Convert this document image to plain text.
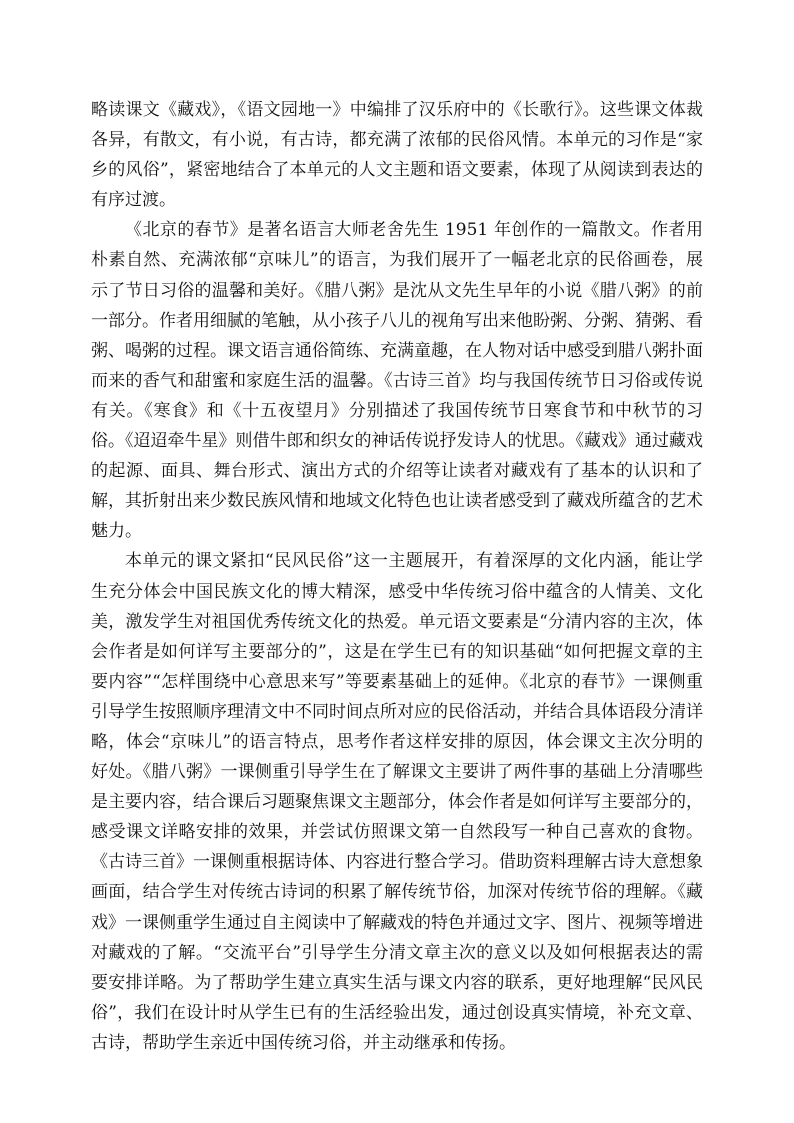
略读课文《藏戏》，《语文园地一》中编排了汉乐府中的《长歌行》。这些课文体裁各异，有散文，有小说，有古诗，都充满了浓郁的民俗风情。本单元的习作是“家乡的风俗”，紧密地结合了本单元的人文主题和语文要素，体现了从阅读到表达的有序过渡。

《北京的春节》是著名语言大师老舍先生 1951 年创作的一篇散文。作者用朴素自然、充满浓郁“京味儿”的语言，为我们展开了一幅老北京的民俗画卷，展示了节日习俗的温馨和美好。《腊八粥》是沈从文先生早年的小说《腊八粥》的前一部分。作者用细腻的笔触，从小孩子八儿的视角写出来他盼粥、分粥、猜粥、看粥、喝粥的过程。课文语言通俗简练、充满童趣，在人物对话中感受到腊八粥扑面而来的香气和甜蜜和家庭生活的温馨。《古诗三首》均与我国传统节日习俗或传说有关。《寒食》和《十五夜望月》分别描述了我国传统节日寒食节和中秋节的习俗。《迢迢牵牛星》则借牛郎和织女的神话传说抒发诗人的忧思。《藏戏》通过藏戏的起源、面具、舞台形式、演出方式的介绍等让读者对藏戏有了基本的认识和了解，其折射出来少数民族风情和地域文化特色也让读者感受到了藏戏所蕴含的艺术魅力。

本单元的课文紧扣“民风民俗”这一主题展开，有着深厚的文化内涵，能让学生充分体会中国民族文化的博大精深，感受中华传统习俗中蕴含的人情美、文化美，激发学生对祖国优秀传统文化的热爱。单元语文要素是“分清内容的主次，体会作者是如何详写主要部分的”，这是在学生已有的知识基础“如何把握文章的主要内容”“怎样围绕中心意思来写”等要素基础上的延伸。《北京的春节》一课侧重引导学生按照顺序理清文中不同时间点所对应的民俗活动，并结合具体语段分清详略，体会“京味儿”的语言特点，思考作者这样安排的原因，体会课文主次分明的好处。《腊八粥》一课侧重引导学生在了解课文主要讲了两件事的基础上分清哪些是主要内容，结合课后习题聚焦课文主题部分，体会作者是如何详写主要部分的，感受课文详略安排的效果，并尝试仿照课文第一自然段写一种自己喜欢的食物。《古诗三首》一课侧重根据诗体、内容进行整合学习。借助资料理解古诗大意想象画面，结合学生对传统古诗词的积累了解传统节俗，加深对传统节俗的理解。《藏戏》一课侧重学生通过自主阅读中了解藏戏的特色并通过文字、图片、视频等增进对藏戏的了解。“交流平台”引导学生分清文章主次的意义以及如何根据表达的需要安排详略。为了帮助学生建立真实生活与课文内容的联系，更好地理解“民风民俗”，我们在设计时从学生已有的生活经验出发，通过创设真实情境，补充文章、古诗，帮助学生亲近中国传统习俗，并主动继承和传扬。
